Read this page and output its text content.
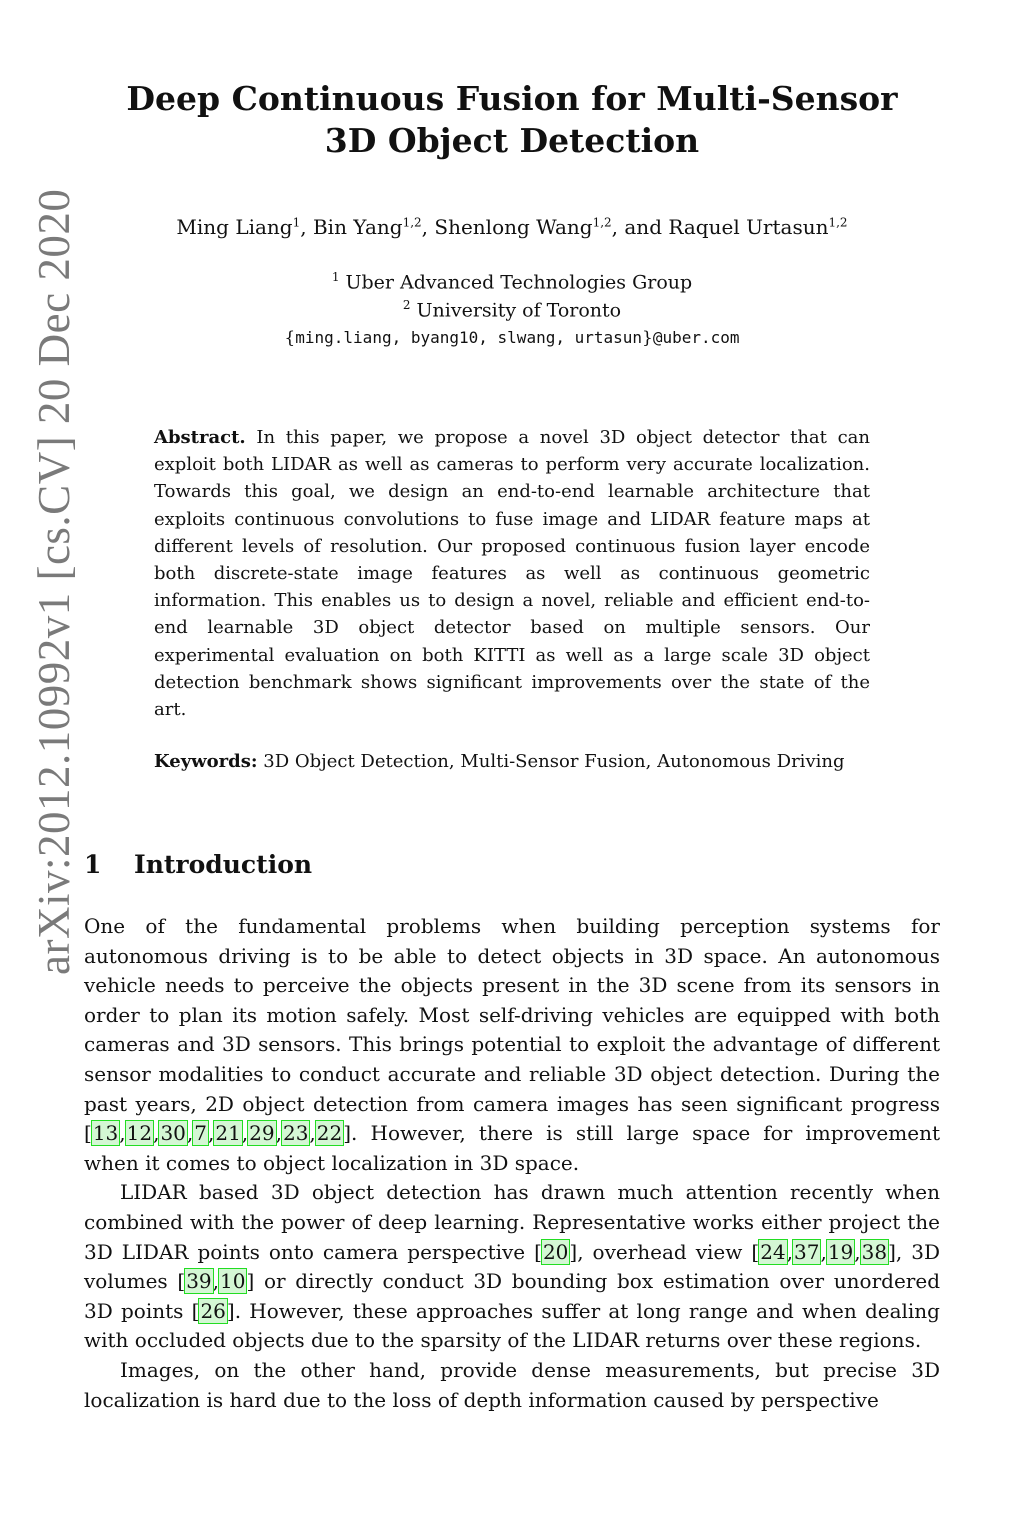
arXiv:2012.10992v1 [cs.CV] 20 Dec 2020
Deep Continuous Fusion for Multi-Sensor 3D Object Detection
Ming Liang$^1$, Bin Yang$^{1,2}$, Shenlong Wang$^{1,2}$, and Raquel Urtasun$^{1,2}$
$^1$ Uber Advanced Technologies Group
$^2$ University of Toronto
{ming.liang, byang10, slwang, urtasun}@uber.com
Abstract. In this paper, we propose a novel 3D object detector that can exploit both LIDAR as well as cameras to perform very accurate localization. Towards this goal, we design an end-to-end learnable architecture that exploits continuous convolutions to fuse image and LIDAR feature maps at different levels of resolution. Our proposed continuous fusion layer encode both discrete-state image features as well as continuous geometric information. This enables us to design a novel, reliable and efficient end-to-end learnable 3D object detector based on multiple sensors. Our experimental evaluation on both KITTI as well as a large scale 3D object detection benchmark shows significant improvements over the state of the art.
Keywords: 3D Object Detection, Multi-Sensor Fusion, Autonomous Driving
1 Introduction

One of the fundamental problems when building perception systems for autonomous driving is to be able to detect objects in 3D space. An autonomous vehicle needs to perceive the objects present in the 3D scene from its sensors in order to plan its motion safely. Most self-driving vehicles are equipped with both cameras and 3D sensors. This brings potential to exploit the advantage of different sensor modalities to conduct accurate and reliable 3D object detection. During the past years, 2D object detection from camera images has seen significant progress [13,12,30,7,21,29,23,22]. However, there is still large space for improvement when it comes to object localization in 3D space.

LIDAR based 3D object detection has drawn much attention recently when combined with the power of deep learning. Representative works either project the 3D LIDAR points onto camera perspective [20], overhead view [24,37,19,38], 3D volumes [39,10] or directly conduct 3D bounding box estimation over unordered 3D points [26]. However, these approaches suffer at long range and when dealing with occluded objects due to the sparsity of the LIDAR returns over these regions.

Images, on the other hand, provide dense measurements, but precise 3D localization is hard due to the loss of depth information caused by perspective
